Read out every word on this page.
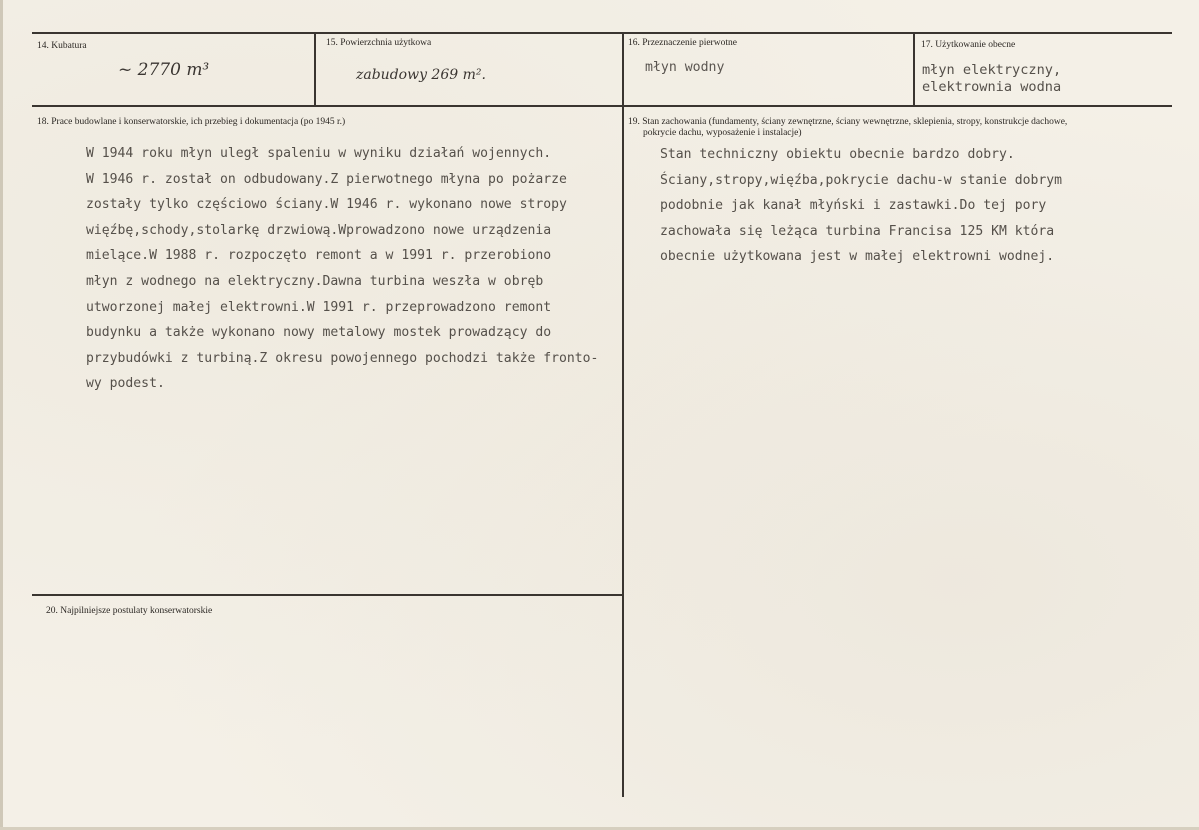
14. Kubatura
~ 2770 m³
15. Powierzchnia użytkowa
zabudowy 269 m².
16. Przeznaczenie pierwotne
młyn wodny
17. Użytkowanie obecne
młyn elektryczny,
elektrownia wodna
18. Prace budowlane i konserwatorskie, ich przebieg i dokumentacja (po 1945 r.)
W 1944 roku młyn uległ spaleniu w wyniku działań wojennych.
W 1946 r. został on odbudowany.Z pierwotnego młyna po pożarze
zostały tylko częściowo ściany.W 1946 r. wykonano nowe stropy
więźbę,schody,stolarkę drzwiową.Wprowadzono nowe urządzenia
mielące.W 1988 r. rozpoczęto remont a w 1991 r. przerobiono
młyn z wodnego na elektryczny.Dawna turbina weszła w obręb
utworzonej małej elektrowni.W 1991 r. przeprowadzono remont
budynku a także wykonano nowy metalowy mostek prowadzący do
przybudówki z turbiną.Z okresu powojennego pochodzi także fronto-
wy podest.
19. Stan zachowania (fundamenty, ściany zewnętrzne, ściany wewnętrzne, sklepienia, stropy, konstrukcje dachowe,
pokrycie dachu, wyposażenie i instalacje)
Stan techniczny obiektu obecnie bardzo dobry.
Ściany,stropy,więźba,pokrycie dachu-w stanie dobrym
podobnie jak kanał młyński i zastawki.Do tej pory
zachowała się leżąca turbina Francisa 125 KM która
obecnie użytkowana jest w małej elektrowni wodnej.
20. Najpilniejsze postulaty konserwatorskie
